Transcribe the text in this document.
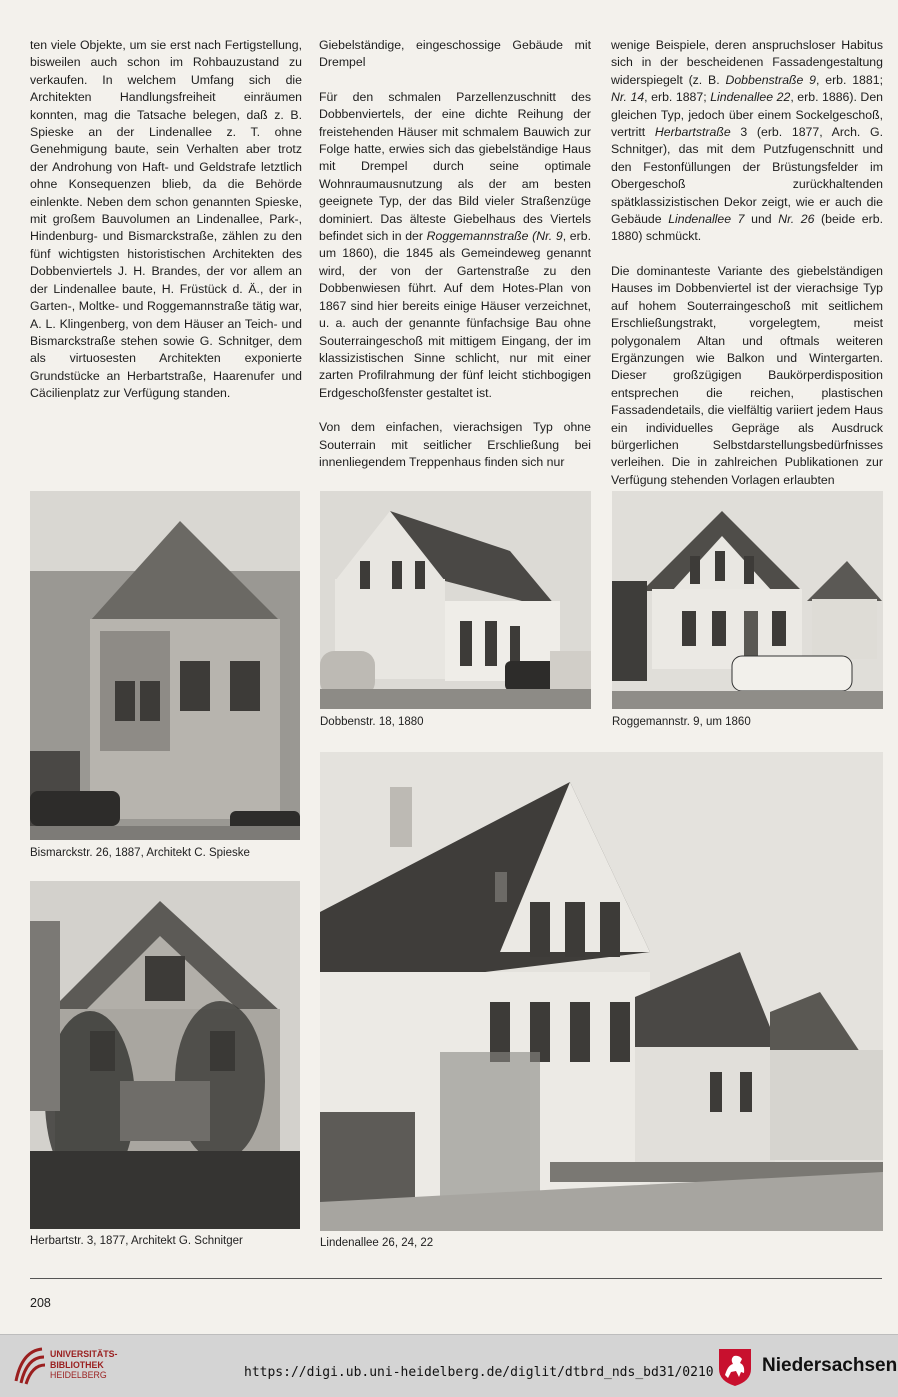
ten viele Objekte, um sie erst nach Fertigstellung, bisweilen auch schon im Rohbauzustand zu verkaufen. In welchem Umfang sich die Architekten Handlungsfreiheit einräumen konnten, mag die Tatsache belegen, daß z. B. Spieske an der Lindenallee z. T. ohne Genehmigung baute, sein Verhalten aber trotz der Androhung von Haft- und Geldstrafe letztlich ohne Konsequenzen blieb, da die Behörde einlenkte. Neben dem schon genannten Spieske, mit großem Bauvolumen an Lindenallee, Park-, Hindenburg- und Bismarckstraße, zählen zu den fünf wichtigsten historistischen Architekten des Dobbenviertels J. H. Brandes, der vor allem an der Lindenallee baute, H. Früstück d. Ä., der in Garten-, Moltke- und Roggemannstraße tätig war, A. L. Klingenberg, von dem Häuser an Teich- und Bismarckstraße stehen sowie G. Schnitger, dem als virtuosesten Architekten exponierte Grundstücke an Herbartstraße, Haarenufer und Cäcilienplatz zur Verfügung standen.

Giebelständige, eingeschossige Gebäude mit Drempel

Für den schmalen Parzellenzuschnitt des Dobbenviertels, der eine dichte Reihung der freistehenden Häuser mit schmalem Bauwich zur Folge hatte, erwies sich das giebelständige Haus mit Drempel durch seine optimale Wohnraumausnutzung als der am besten geeignete Typ, der das Bild vieler Straßenzüge dominiert. Das älteste Giebelhaus des Viertels befindet sich in der Roggemannstraße (Nr. 9, erb. um 1860), die 1845 als Gemeindeweg genannt wird, der von der Gartenstraße zu den Dobbenwiesen führt. Auf dem Hotes-Plan von 1867 sind hier bereits einige Häuser verzeichnet, u. a. auch der genannte fünfachsige Bau ohne Souterraingeschoß mit mittigem Eingang, der im klassizistischen Sinne schlicht, nur mit einer zarten Profilrahmung der fünf leicht stichbogigen Erdgeschoßfenster gestaltet ist.

Von dem einfachen, vierachsigen Typ ohne Souterrain mit seitlicher Erschließung bei innenliegendem Treppenhaus finden sich nur

wenige Beispiele, deren anspruchsloser Habitus sich in der bescheidenen Fassadengestaltung widerspiegelt (z. B. Dobbenstraße 9, erb. 1881; Nr. 14, erb. 1887; Lindenallee 22, erb. 1886). Den gleichen Typ, jedoch über einem Sockelgeschoß, vertritt Herbartstraße 3 (erb. 1877, Arch. G. Schnitger), das mit dem Putzfugenschnitt und den Festonfüllungen der Brüstungsfelder im Obergeschoß zurückhaltenden spätklassizistischen Dekor zeigt, wie er auch die Gebäude Lindenallee 7 und Nr. 26 (beide erb. 1880) schmückt.

Die dominanteste Variante des giebelständigen Hauses im Dobbenviertel ist der vierachsige Typ auf hohem Souterraingeschoß mit seitlichem Erschließungstrakt, vorgelegtem, meist polygonalem Altan und oftmals weiteren Ergänzungen wie Balkon und Wintergarten. Dieser großzügigen Baukörperdisposition entsprechen die reichen, plastischen Fassadendetails, die vielfältig variiert jedem Haus ein individuelles Gepräge als Ausdruck bürgerlichen Selbstdarstellungsbedürfnisses verleihen. Die in zahlreichen Publikationen zur Verfügung stehenden Vorlagen erlaubten

Bismarckstr. 26, 1887, Architekt C. Spieske
Dobbenstr. 18, 1880	Roggemannstr. 9, um 1860
Lindenallee 26, 24, 22
Herbartstr. 3, 1877, Architekt G. Schnitger
208
UNIVERSITÄTS-
BIBLIOTHEK
HEIDELBERG	https://digi.ub.uni-heidelberg.de/diglit/dtbrd_nds_bd31/0210	Niedersachsen
